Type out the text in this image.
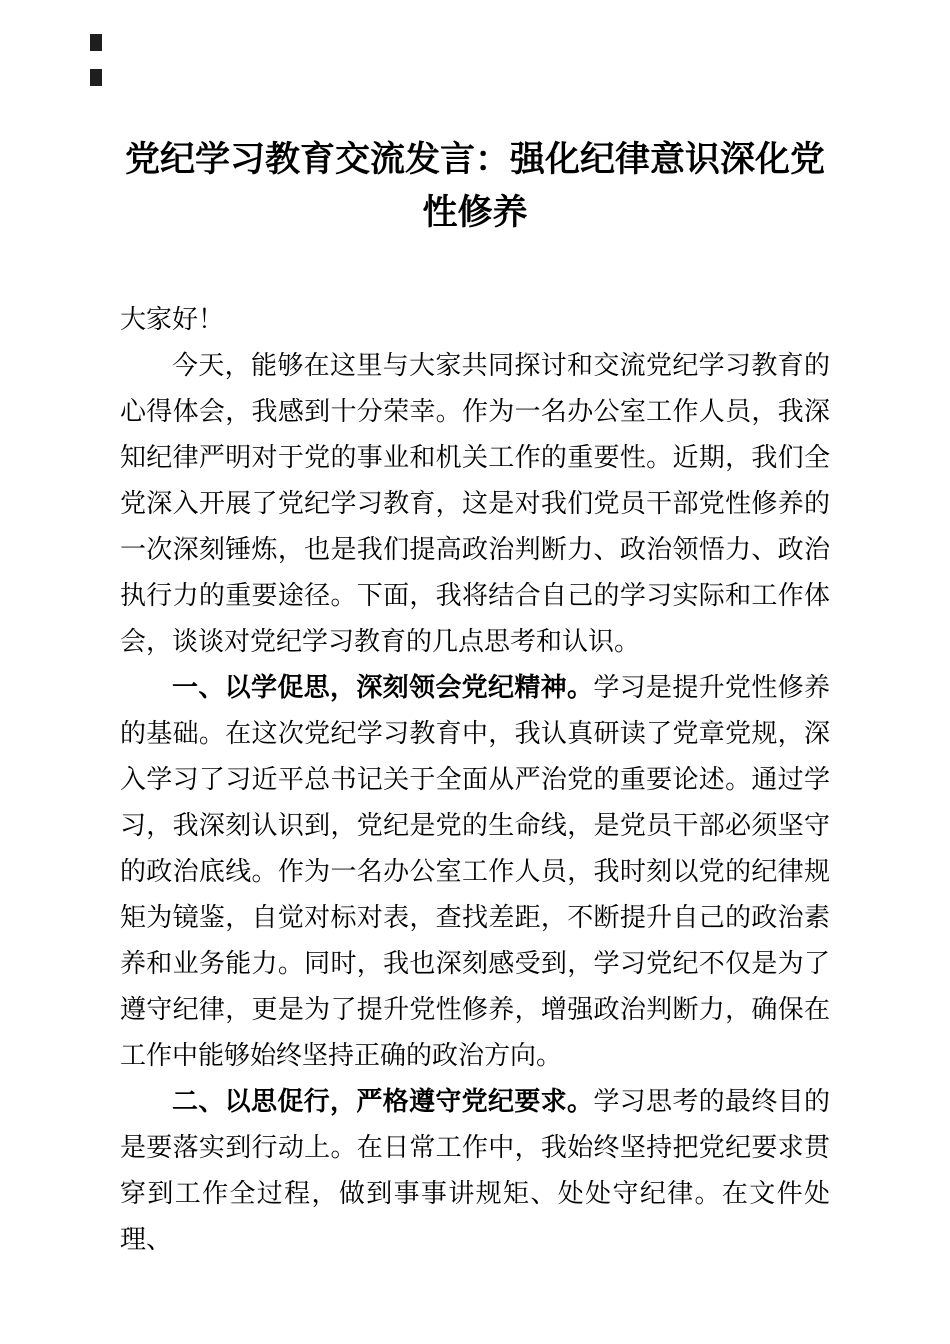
党纪学习教育交流发言：强化纪律意识深化党性修养

大家好！

今天，能够在这里与大家共同探讨和交流党纪学习教育的心得体会，我感到十分荣幸。作为一名办公室工作人员，我深知纪律严明对于党的事业和机关工作的重要性。近期，我们全党深入开展了党纪学习教育，这是对我们党员干部党性修养的一次深刻锤炼，也是我们提高政治判断力、政治领悟力、政治执行力的重要途径。下面，我将结合自己的学习实际和工作体会，谈谈对党纪学习教育的几点思考和认识。

一、以学促思，深刻领会党纪精神。学习是提升党性修养的基础。在这次党纪学习教育中，我认真研读了党章党规，深入学习了习近平总书记关于全面从严治党的重要论述。通过学习，我深刻认识到，党纪是党的生命线，是党员干部必须坚守的政治底线。作为一名办公室工作人员，我时刻以党的纪律规矩为镜鉴，自觉对标对表，查找差距，不断提升自己的政治素养和业务能力。同时，我也深刻感受到，学习党纪不仅是为了遵守纪律，更是为了提升党性修养，增强政治判断力，确保在工作中能够始终坚持正确的政治方向。

二、以思促行，严格遵守党纪要求。学习思考的最终目的是要落实到行动上。在日常工作中，我始终坚持把党纪要求贯穿到工作全过程，做到事事讲规矩、处处守纪律。在文件处理、
